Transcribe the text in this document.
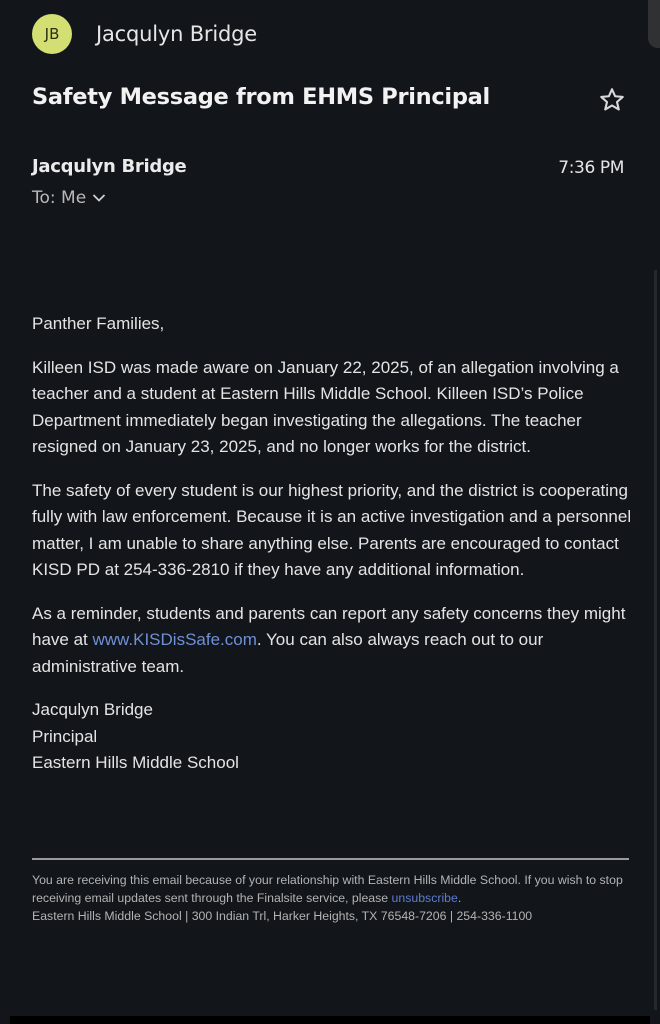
JB Jacqulyn Bridge
Safety Message from EHMS Principal
Jacqulyn Bridge	7:36 PM
To: Me

Panther Families,

Killeen ISD was made aware on January 22, 2025, of an allegation involving a teacher and a student at Eastern Hills Middle School. Killeen ISD’s Police Department immediately began investigating the allegations. The teacher resigned on January 23, 2025, and no longer works for the district.

The safety of every student is our highest priority, and the district is cooperating fully with law enforcement. Because it is an active investigation and a personnel matter, I am unable to share anything else. Parents are encouraged to contact KISD PD at 254-336-2810 if they have any additional information.

As a reminder, students and parents can report any safety concerns they might have at www.KISDisSafe.com. You can also always reach out to our administrative team.

Jacqulyn Bridge
Principal
Eastern Hills Middle School
You are receiving this email because of your relationship with Eastern Hills Middle School. If you wish to stop receiving email updates sent through the Finalsite service, please unsubscribe.
Eastern Hills Middle School | 300 Indian Trl, Harker Heights, TX 76548-7206 | 254-336-1100
